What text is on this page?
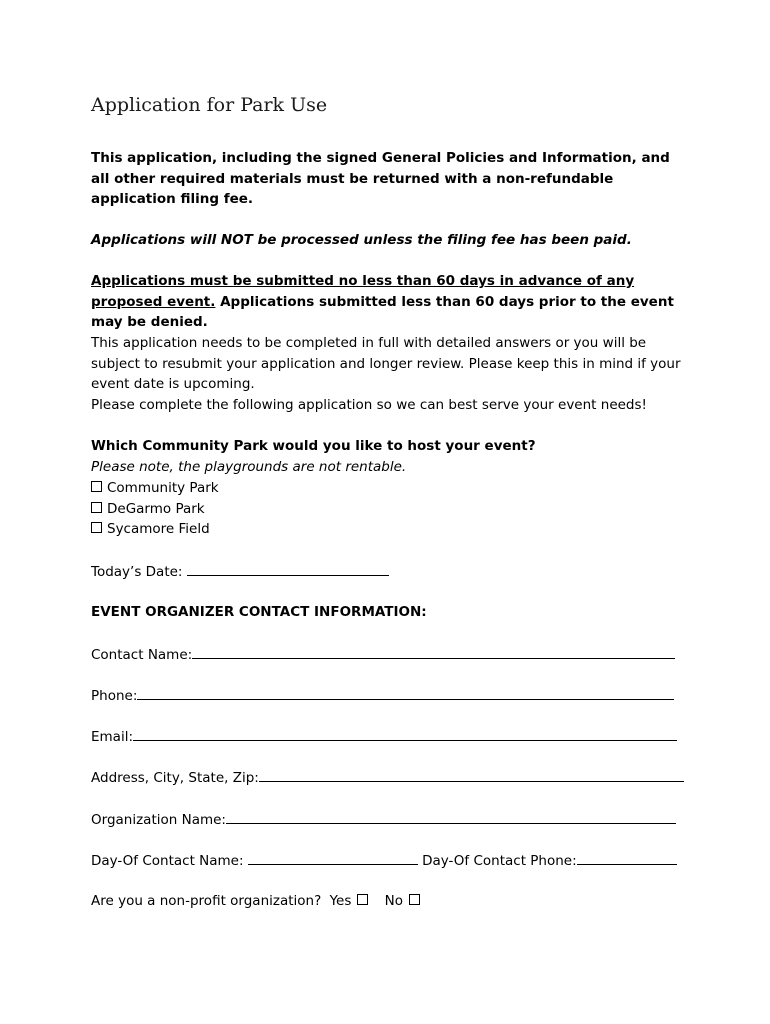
Application for Park Use
This application, including the signed General Policies and Information, and all other required materials must be returned with a non-refundable application filing fee.
Applications will NOT be processed unless the filing fee has been paid.
Applications must be submitted no less than 60 days in advance of any proposed event. Applications submitted less than 60 days prior to the event may be denied.
This application needs to be completed in full with detailed answers or you will be subject to resubmit your application and longer review. Please keep this in mind if your event date is upcoming.
Please complete the following application so we can best serve your event needs!
Which Community Park would you like to host your event?
Please note, the playgrounds are not rentable.
Community Park
DeGarmo Park
Sycamore Field
Today’s Date:
EVENT ORGANIZER CONTACT INFORMATION:
Contact Name:
Phone:
Email:
Address, City, State, Zip:
Organization Name:
Day-Of Contact Name:	Day-Of Contact Phone:
Are you a non-profit organization? Yes No
